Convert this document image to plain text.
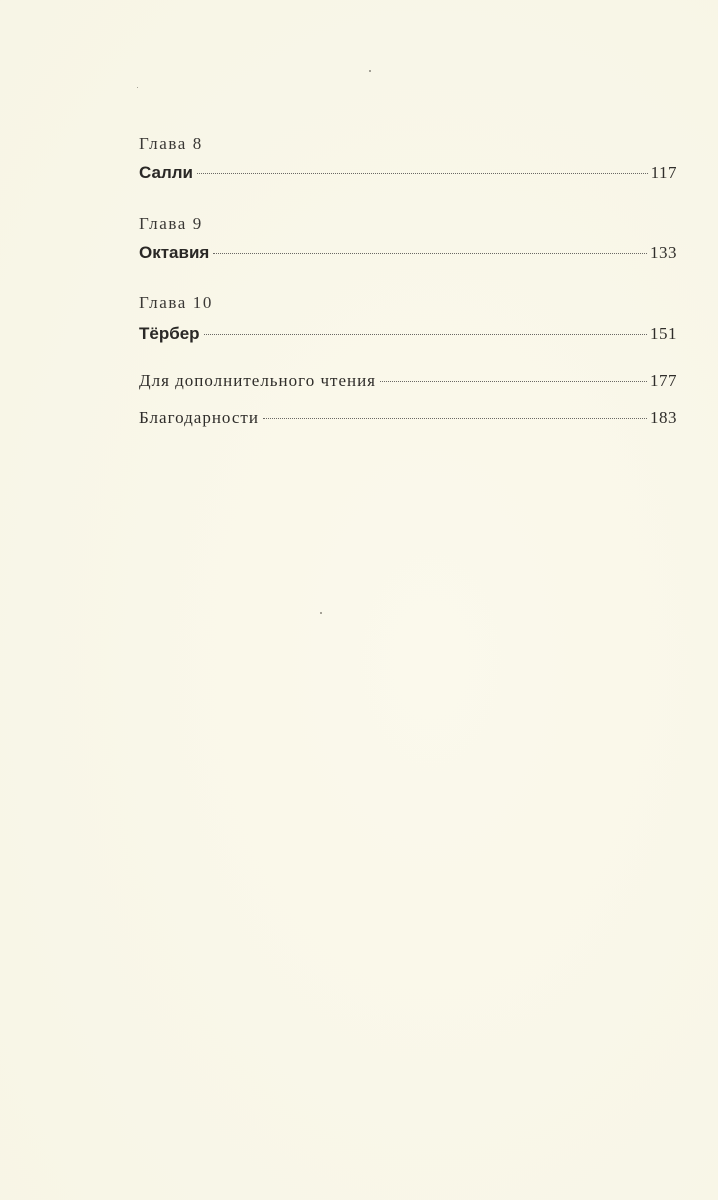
Глава 8
Салли	117
Глава 9
Октавия	133
Глава 10
Тёрбер	151
Для дополнительного чтения	177
Благодарности	183
